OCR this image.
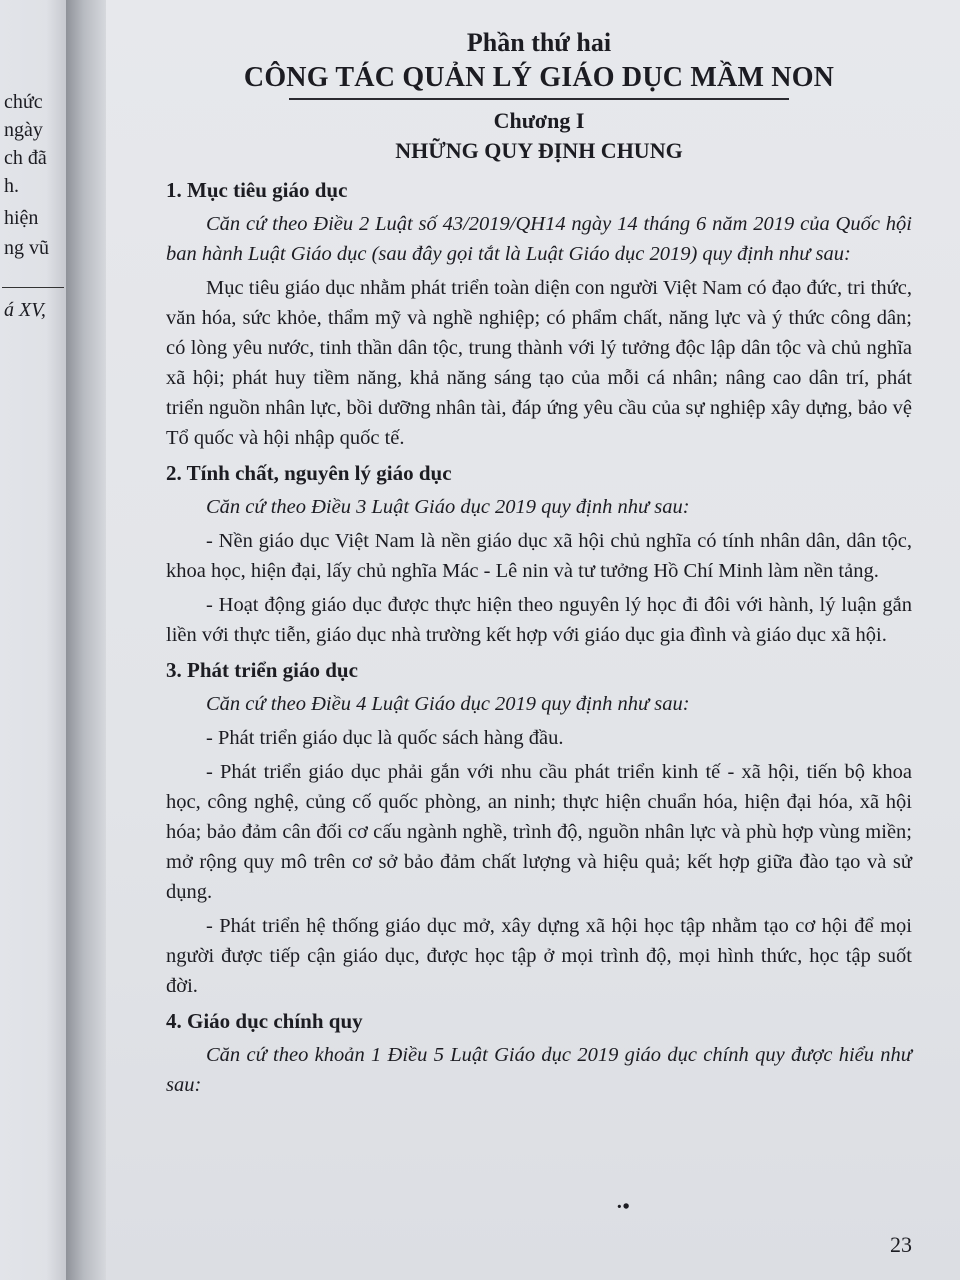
chức
ngày
ch đã
h.
hiện
ng vũ
á XV,
Phần thứ hai
CÔNG TÁC QUẢN LÝ GIÁO DỤC MẦM NON
Chương I
NHỮNG QUY ĐỊNH CHUNG
1. Mục tiêu giáo dục

Căn cứ theo Điều 2 Luật số 43/2019/QH14 ngày 14 tháng 6 năm 2019 của Quốc hội ban hành Luật Giáo dục (sau đây gọi tắt là Luật Giáo dục 2019) quy định như sau:

Mục tiêu giáo dục nhằm phát triển toàn diện con người Việt Nam có đạo đức, tri thức, văn hóa, sức khỏe, thẩm mỹ và nghề nghiệp; có phẩm chất, năng lực và ý thức công dân; có lòng yêu nước, tinh thần dân tộc, trung thành với lý tưởng độc lập dân tộc và chủ nghĩa xã hội; phát huy tiềm năng, khả năng sáng tạo của mỗi cá nhân; nâng cao dân trí, phát triển nguồn nhân lực, bồi dưỡng nhân tài, đáp ứng yêu cầu của sự nghiệp xây dựng, bảo vệ Tổ quốc và hội nhập quốc tế.

2. Tính chất, nguyên lý giáo dục

Căn cứ theo Điều 3 Luật Giáo dục 2019 quy định như sau:

- Nền giáo dục Việt Nam là nền giáo dục xã hội chủ nghĩa có tính nhân dân, dân tộc, khoa học, hiện đại, lấy chủ nghĩa Mác - Lê nin và tư tưởng Hồ Chí Minh làm nền tảng.

- Hoạt động giáo dục được thực hiện theo nguyên lý học đi đôi với hành, lý luận gắn liền với thực tiễn, giáo dục nhà trường kết hợp với giáo dục gia đình và giáo dục xã hội.

3. Phát triển giáo dục

Căn cứ theo Điều 4 Luật Giáo dục 2019 quy định như sau:

- Phát triển giáo dục là quốc sách hàng đầu.

- Phát triển giáo dục phải gắn với nhu cầu phát triển kinh tế - xã hội, tiến bộ khoa học, công nghệ, củng cố quốc phòng, an ninh; thực hiện chuẩn hóa, hiện đại hóa, xã hội hóa; bảo đảm cân đối cơ cấu ngành nghề, trình độ, nguồn nhân lực và phù hợp vùng miền; mở rộng quy mô trên cơ sở bảo đảm chất lượng và hiệu quả; kết hợp giữa đào tạo và sử dụng.

- Phát triển hệ thống giáo dục mở, xây dựng xã hội học tập nhằm tạo cơ hội để mọi người được tiếp cận giáo dục, được học tập ở mọi trình độ, mọi hình thức, học tập suốt đời.

4. Giáo dục chính quy

Căn cứ theo khoản 1 Điều 5 Luật Giáo dục 2019 giáo dục chính quy được hiểu như sau:

·•
23
